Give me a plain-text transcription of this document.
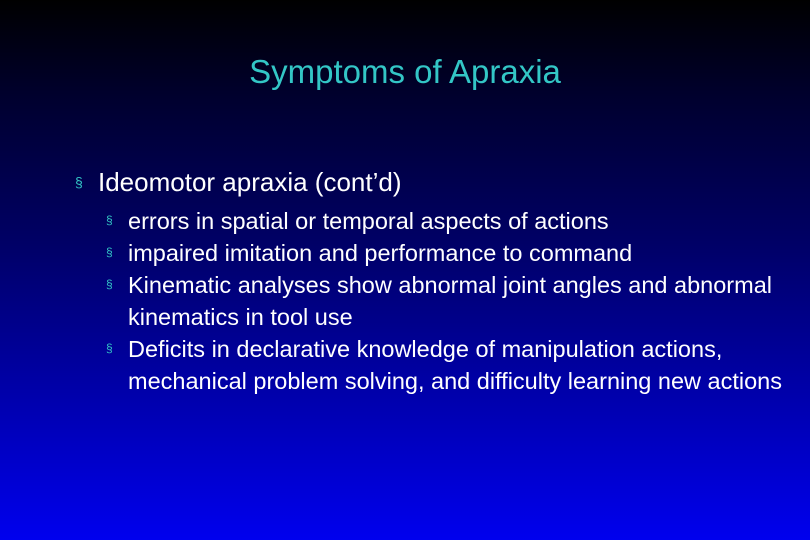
Symptoms of Apraxia
§ Ideomotor apraxia (cont’d)
§ errors in spatial or temporal aspects of actions
§ impaired imitation and performance to command
§ Kinematic analyses show abnormal joint angles and abnormal kinematics in tool use
§ Deficits in declarative knowledge of manipulation actions, mechanical problem solving, and difficulty learning new actions
